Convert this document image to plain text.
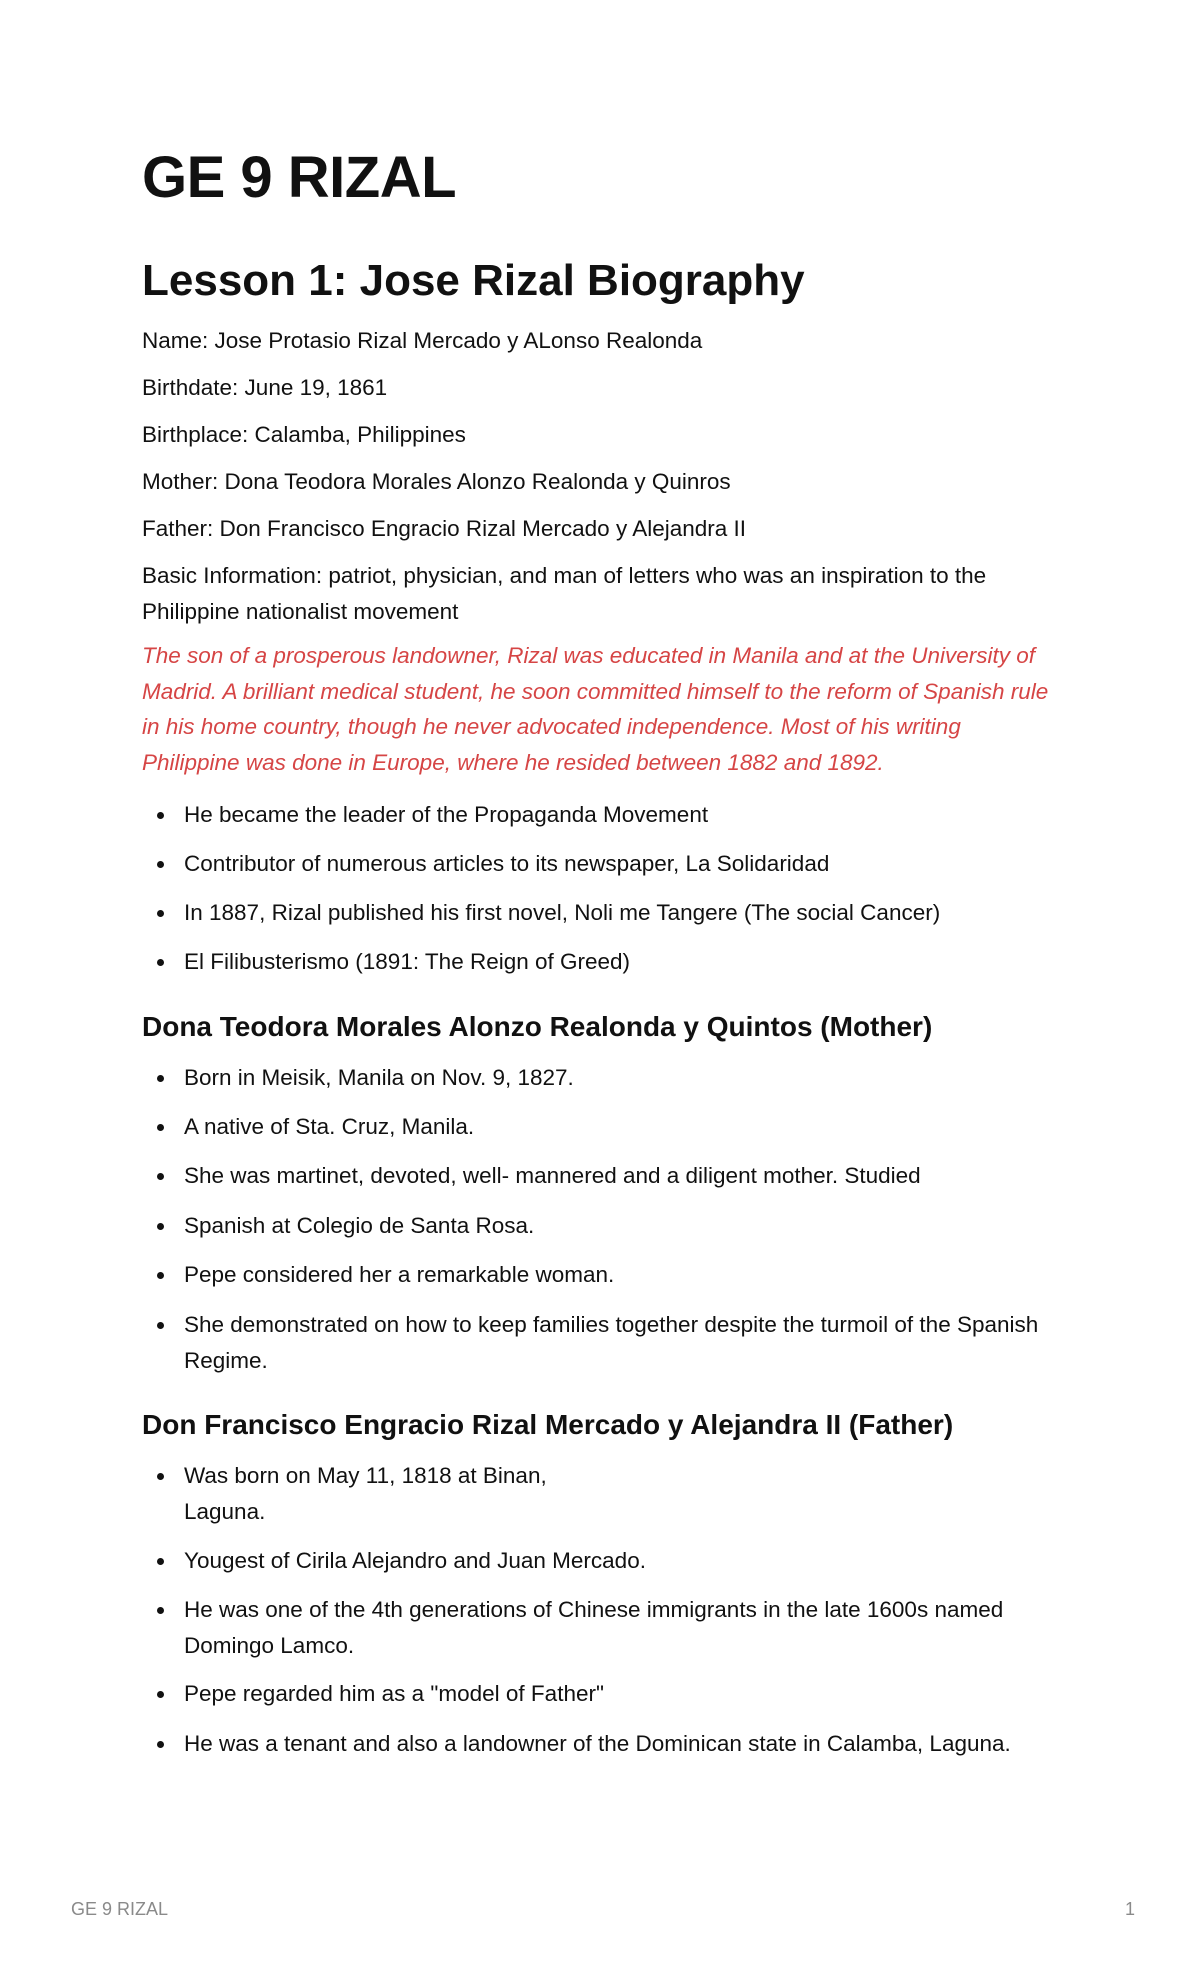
GE 9 RIZAL
Lesson 1: Jose Rizal Biography

Name: Jose Protasio Rizal Mercado y ALonso Realonda

Birthdate: June 19, 1861

Birthplace: Calamba, Philippines

Mother: Dona Teodora Morales Alonzo Realonda y Quinros

Father: Don Francisco Engracio Rizal Mercado y Alejandra II

Basic Information: patriot, physician, and man of letters who was an inspiration to the Philippine nationalist movement

The son of a prosperous landowner, Rizal was educated in Manila and at the University of Madrid. A brilliant medical student, he soon committed himself to the reform of Spanish rule in his home country, though he never advocated independence. Most of his writing Philippine was done in Europe, where he resided between 1882 and 1892.

He became the leader of the Propaganda Movement
Contributor of numerous articles to its newspaper, La Solidaridad
In 1887, Rizal published his first novel, Noli me Tangere (The social Cancer)
El Filibusterismo (1891: The Reign of Greed)
Dona Teodora Morales Alonzo Realonda y Quintos (Mother)
Born in Meisik, Manila on Nov. 9, 1827.
A native of Sta. Cruz, Manila.
She was martinet, devoted, well- mannered and a diligent mother. Studied
Spanish at Colegio de Santa Rosa.
Pepe considered her a remarkable woman.
She demonstrated on how to keep families together despite the turmoil of the Spanish Regime.
Don Francisco Engracio Rizal Mercado y Alejandra II (Father)
Was born on May 11, 1818 at Binan,
Laguna.
Yougest of Cirila Alejandro and Juan Mercado.
He was one of the 4th generations of Chinese immigrants in the late 1600s named Domingo Lamco.
Pepe regarded him as a "model of Father"
He was a tenant and also a landowner of the Dominican state in Calamba, Laguna.
GE 9 RIZAL	1
